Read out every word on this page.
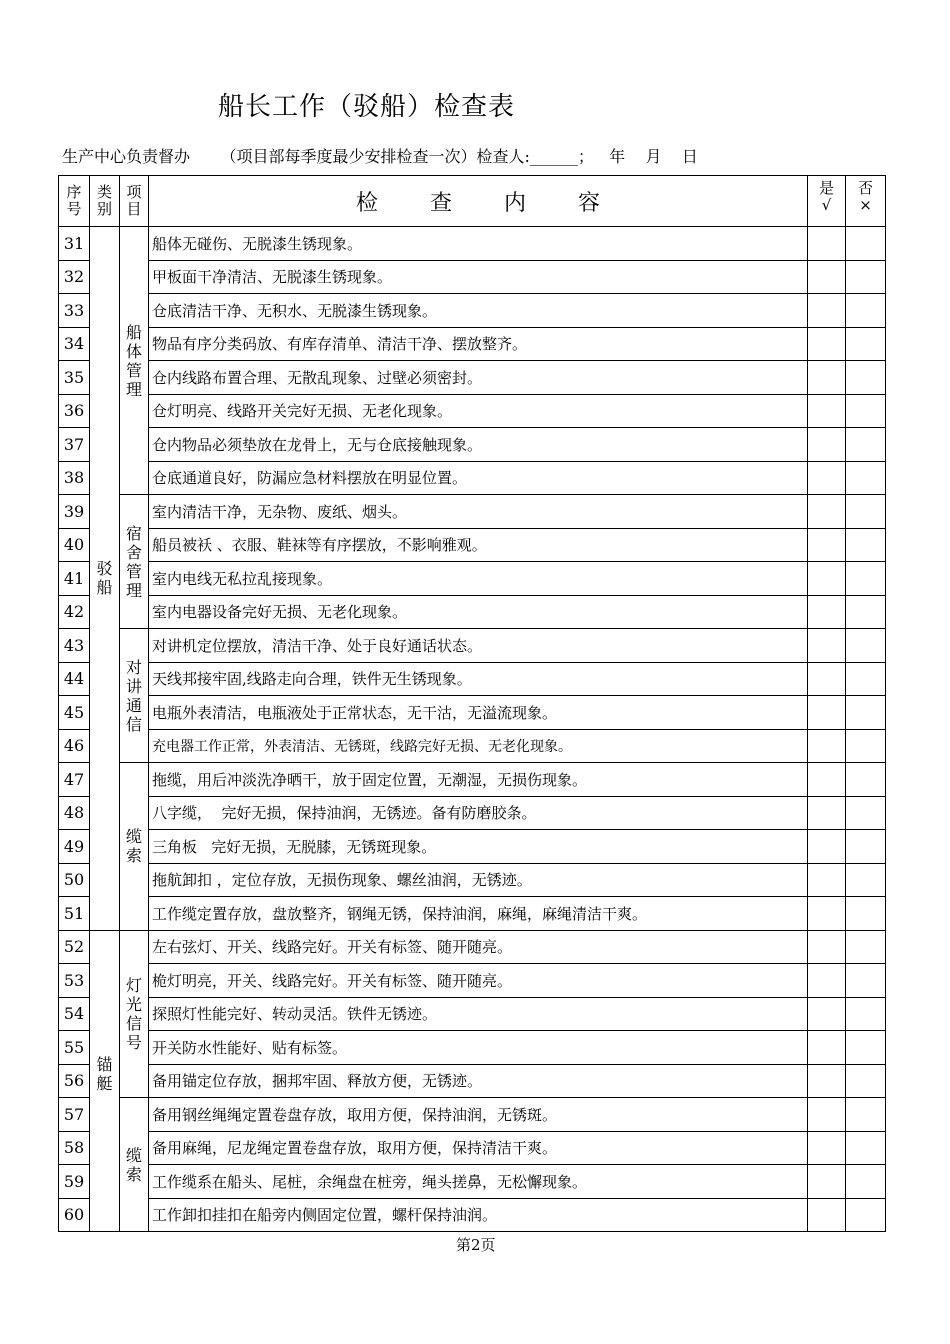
船长工作（驳船）检查表
生产中心负责督办 （项目部每季度最少安排检查一次）检查人:______；   年    月    日
序号	类别	项目	检查内容	是 √	否 ×
31	驳船	船体管理	船体无碰伤、无脱漆生锈现象。		
32			甲板面干净清洁、无脱漆生锈现象。		
33			仓底清洁干净、无积水、无脱漆生锈现象。		
34			物品有序分类码放、有库存清单、清洁干净、摆放整齐。		
35			仓内线路布置合理、无散乱现象、过壁必须密封。		
36			仓灯明亮、线路开关完好无损、无老化现象。		
37			仓内物品必须垫放在龙骨上，无与仓底接触现象。		
38			仓底通道良好，防漏应急材料摆放在明显位置。		
39		宿舍管理	室内清洁干净，无杂物、废纸、烟头。		
40			船员被袄 、衣服、鞋袜等有序摆放，不影响雅观。		
41			室内电线无私拉乱接现象。		
42			室内电器设备完好无损、无老化现象。		
43		对讲通信	对讲机定位摆放，清洁干净、处于良好通话状态。		
44			天线邦接牢固,线路走向合理，铁件无生锈现象。		
45			电瓶外表清洁，电瓶液处于正常状态，无干沽，无溢流现象。		
46			充电器工作正常，外表清洁、无锈斑，线路完好无损、无老化现象。		
47		缆索	拖缆，用后冲淡洗净晒干，放于固定位置，无潮湿，无损伤现象。		
48			八字缆，  完好无损，保持油润，无锈迹。备有防磨胶条。		
49			三角板   完好无损，无脱膝，无锈斑现象。		
50			拖航卸扣 ，定位存放，无损伤现象、螺丝油润，无锈迹。		
51			工作缆定置存放，盘放整齐，钢绳无锈，保持油润，麻绳，麻绳清洁干爽。		
52	锚艇	灯光信号	左右弦灯、开关、线路完好。开关有标签、随开随亮。		
53			桅灯明亮，开关、线路完好。开关有标签、随开随亮。		
54			探照灯性能完好、转动灵活。铁件无锈迹。		
55			开关防水性能好、贴有标签。		
56			备用锚定位存放，捆邦牢固、释放方便，无锈迹。		
57		缆索	备用钢丝绳绳定置卷盘存放，取用方便，保持油润，无锈斑。		
58			备用麻绳，尼龙绳定置卷盘存放，取用方便，保持清洁干爽。		
59			工作缆系在船头、尾桩，余绳盘在桩旁，绳头搓鼻，无松懈现象。		
60			工作卸扣挂扣在船旁内侧固定位置，螺杆保持油润。		
第2页
